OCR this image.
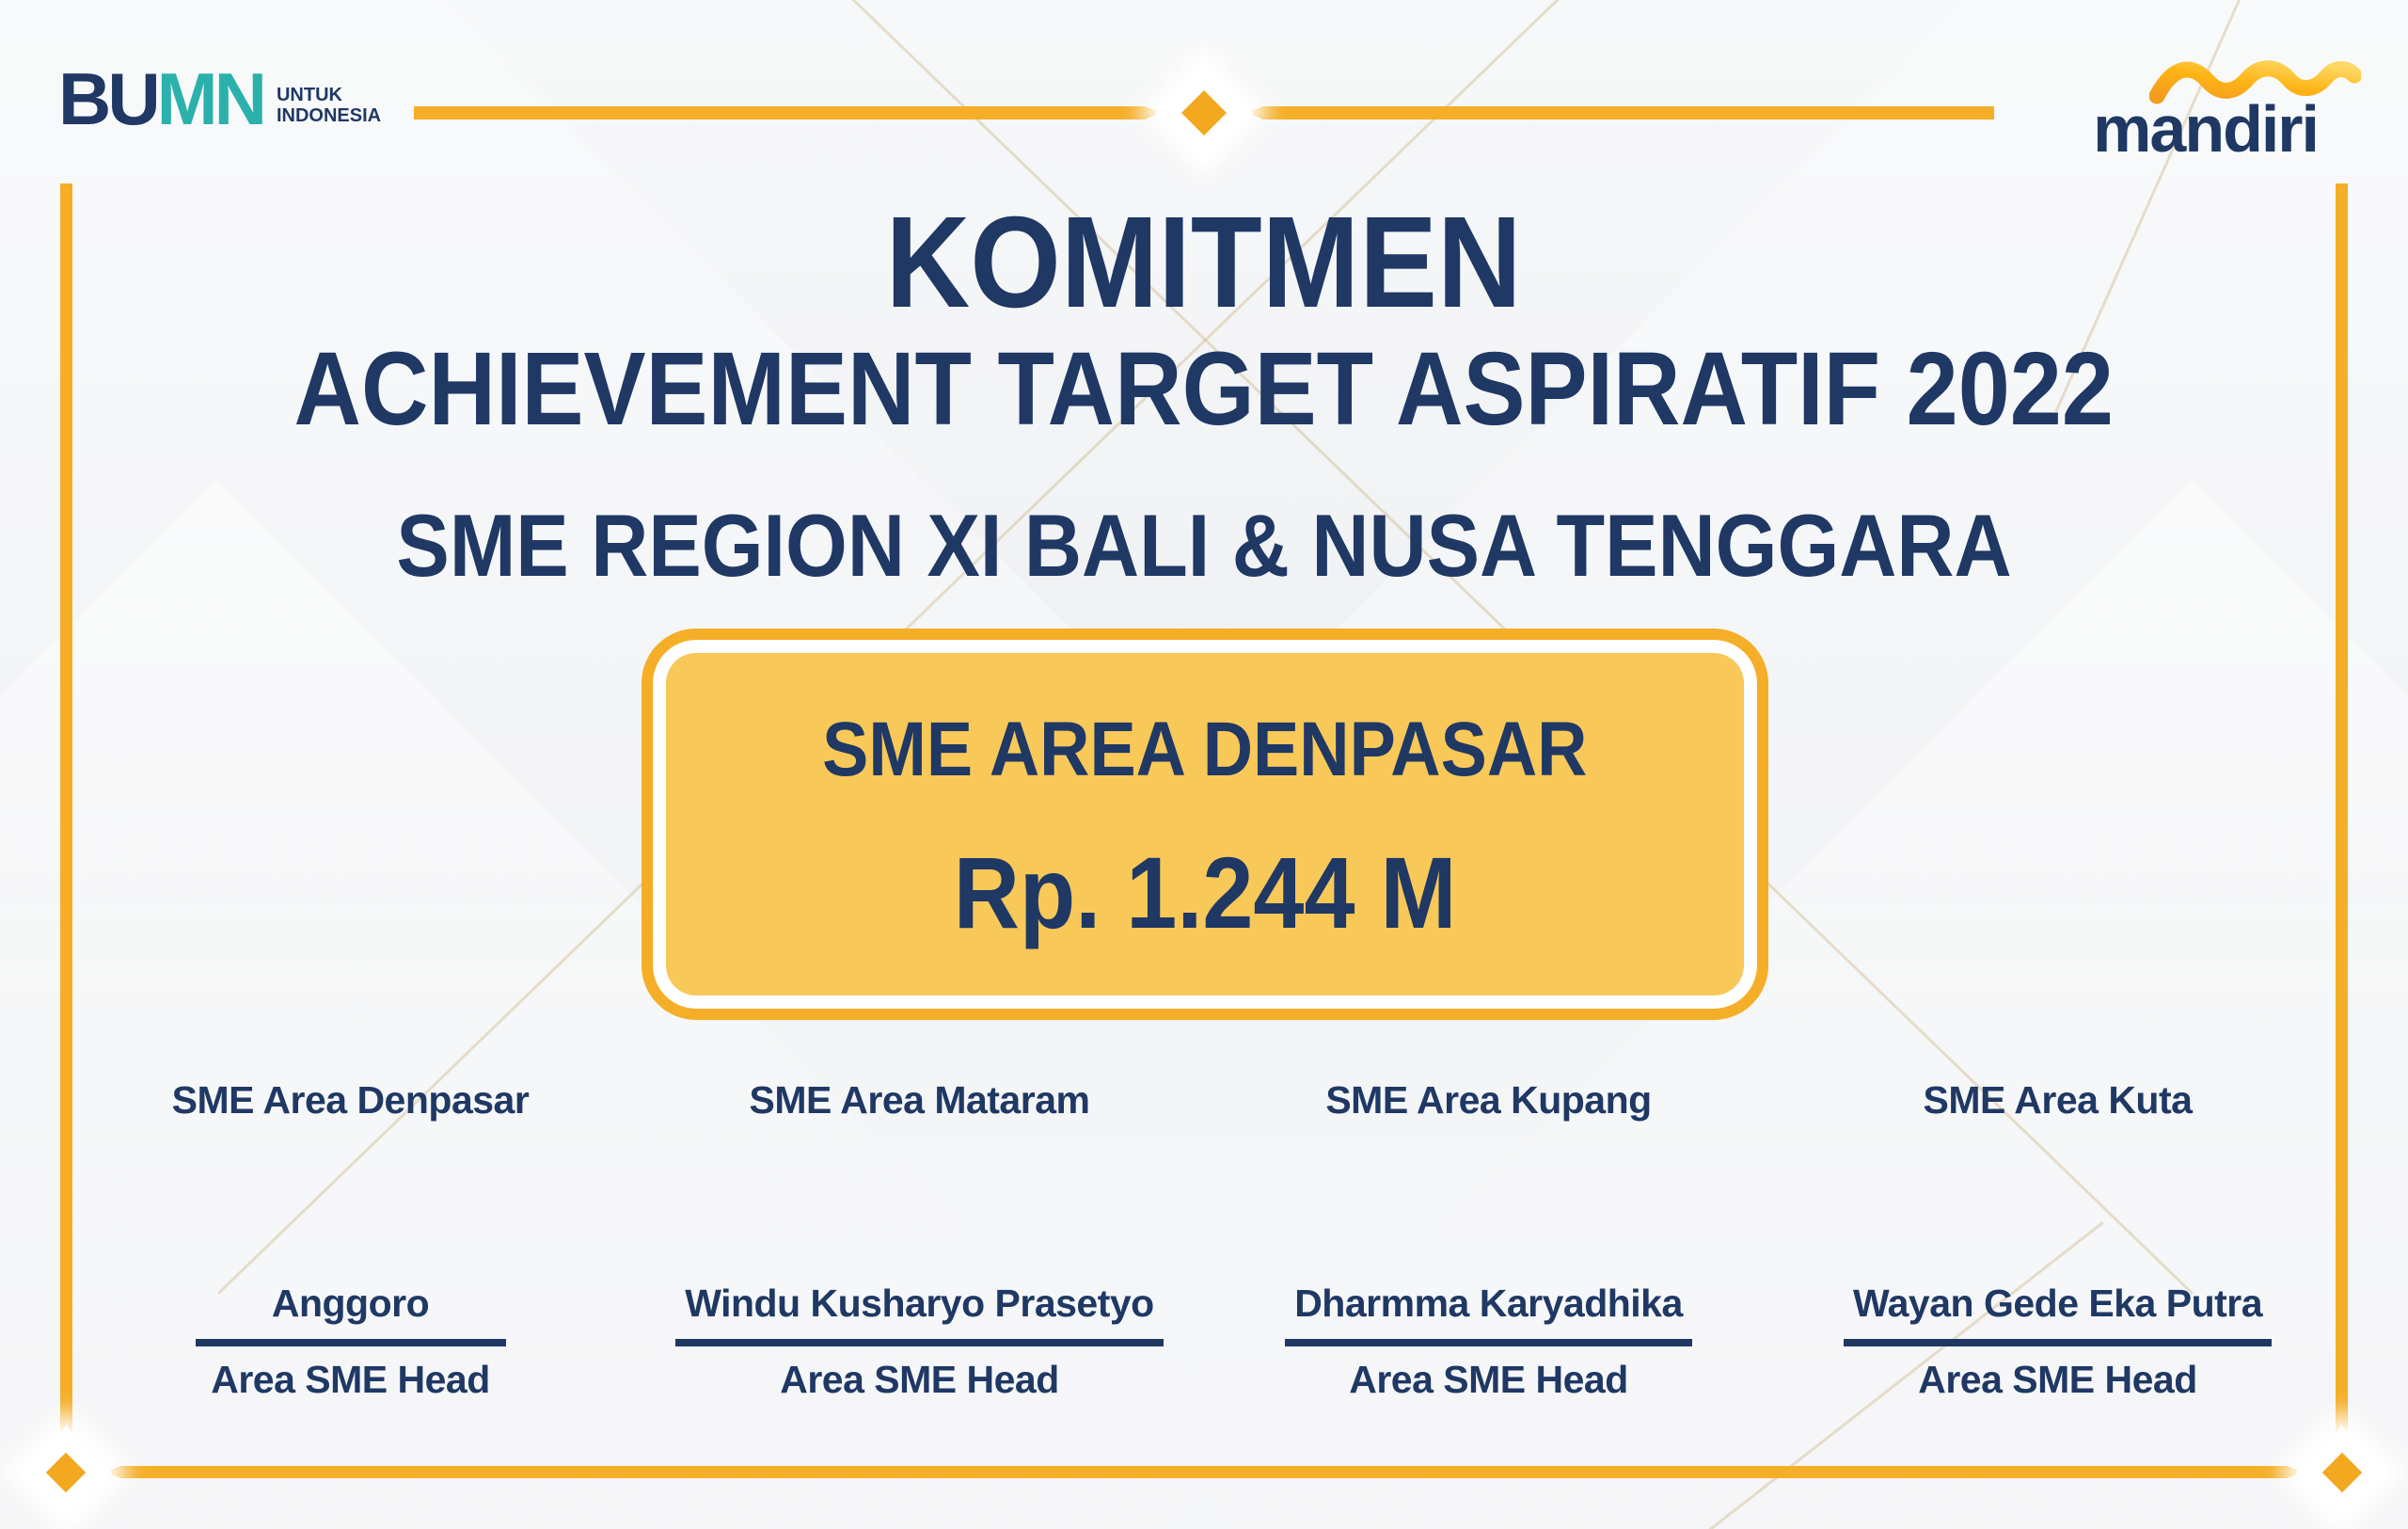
BUMN UNTUK
INDONESIA	mandiri
KOMITMEN
ACHIEVEMENT TARGET ASPIRATIF 2022
SME REGION XI BALI & NUSA TENGGARA
SME AREA DENPASAR
Rp. 1.244 M
SME Area Denpasar	SME Area Mataram	SME Area Kupang	SME Area Kuta
Anggoro
Area SME Head
Windu Kusharyo Prasetyo
Area SME Head
Dharmma Karyadhika
Area SME Head
Wayan Gede Eka Putra
Area SME Head
